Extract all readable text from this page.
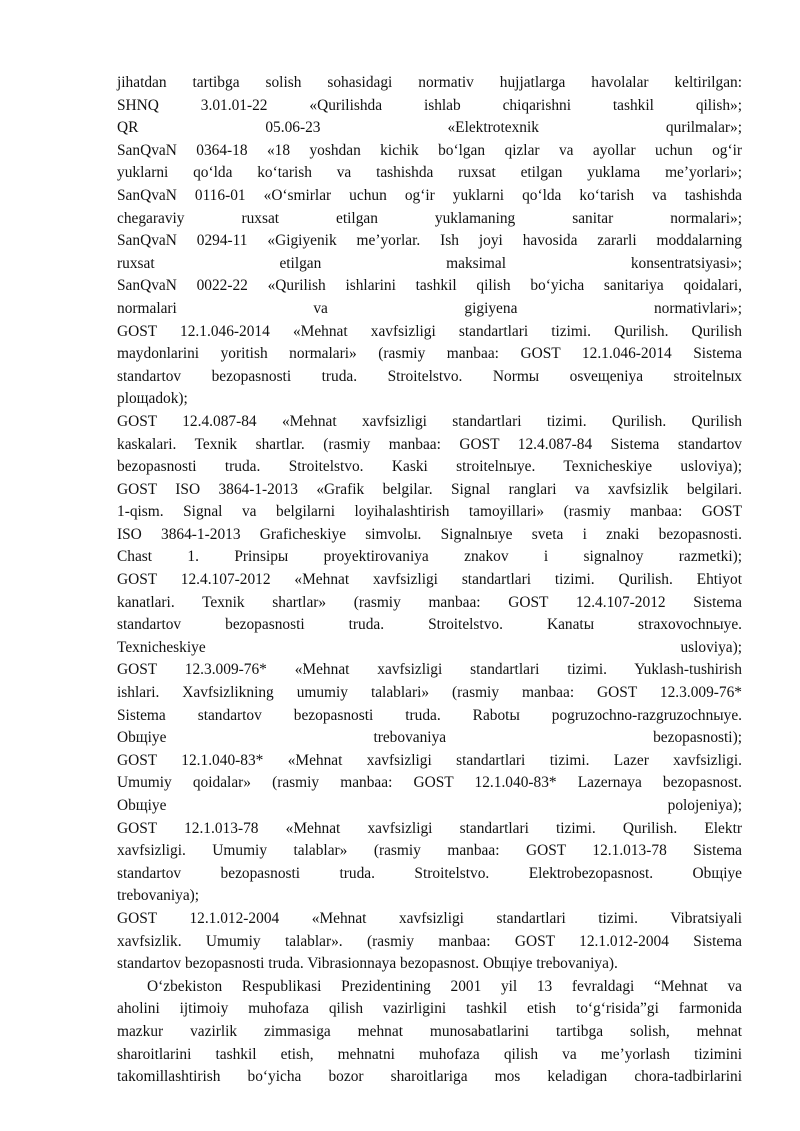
jihatdan tartibga solish sohasidagi normativ hujjatlarga havolalar keltirilgan:
SHNQ 3.01.01-22 «Qurilishda ishlab chiqarishni tashkil qilish»;
QR 05.06-23 «Elektrotexnik qurilmalar»;
SanQvaN 0364-18 «18 yoshdan kichik bo‘lgan qizlar va ayollar uchun og‘ir
yuklarni qo‘lda ko‘tarish va tashishda ruxsat etilgan yuklama me’yorlari»;
SanQvaN 0116-01 «O‘smirlar uchun og‘ir yuklarni qo‘lda ko‘tarish va tashishda
chegaraviy ruxsat etilgan yuklamaning sanitar normalari»;
SanQvaN 0294-11 «Gigiyenik me’yorlar. Ish joyi havosida zararli moddalarning
ruxsat etilgan maksimal konsentratsiyasi»;
SanQvaN 0022-22 «Qurilish ishlarini tashkil qilish bo‘yicha sanitariya qoidalari,
normalari va gigiyena normativlari»;
GOST 12.1.046-2014 «Mehnat xavfsizligi standartlari tizimi. Qurilish. Qurilish
maydonlarini yoritish normalari» (rasmiy manbaa: GOST 12.1.046-2014 Sistema
standartov bezopasnosti truda. Stroitelstvo. Normы osveщeniya stroitelnыx
ploщadok);
GOST 12.4.087-84 «Mehnat xavfsizligi standartlari tizimi. Qurilish. Qurilish
kaskalari. Texnik shartlar. (rasmiy manbaa: GOST 12.4.087-84 Sistema standartov
bezopasnosti truda. Stroitelstvo. Kaski stroitelnыye. Texnicheskiye usloviya);
GOST ISO 3864-1-2013 «Grafik belgilar. Signal ranglari va xavfsizlik belgilari.
1-qism. Signal va belgilarni loyihalashtirish tamoyillari» (rasmiy manbaa: GOST
ISO 3864-1-2013 Graficheskiye simvolы. Signalnыye sveta i znaki bezopasnosti.
Chast 1. Prinsipы proyektirovaniya znakov i signalnoy razmetki);
GOST 12.4.107-2012 «Mehnat xavfsizligi standartlari tizimi. Qurilish. Ehtiyot
kanatlari. Texnik shartlar» (rasmiy manbaa: GOST 12.4.107-2012 Sistema
standartov bezopasnosti truda. Stroitelstvo. Kanatы straxovochnыye.
Texnicheskiye usloviya);
GOST 12.3.009-76* «Mehnat xavfsizligi standartlari tizimi. Yuklash-tushirish
ishlari. Xavfsizlikning umumiy talablari» (rasmiy manbaa: GOST 12.3.009-76*
Sistema standartov bezopasnosti truda. Rabotы pogruzochno-razgruzochnыye.
Obщiye trebovaniya bezopasnosti);
GOST 12.1.040-83* «Mehnat xavfsizligi standartlari tizimi. Lazer xavfsizligi.
Umumiy qoidalar» (rasmiy manbaa: GOST 12.1.040-83* Lazernaya bezopasnost.
Obщiye polojeniya);
GOST 12.1.013-78 «Mehnat xavfsizligi standartlari tizimi. Qurilish. Elektr
xavfsizligi. Umumiy talablar» (rasmiy manbaa: GOST 12.1.013-78 Sistema
standartov bezopasnosti truda. Stroitelstvo. Elektrobezopasnost. Obщiye
trebovaniya);
GOST 12.1.012-2004 «Mehnat xavfsizligi standartlari tizimi. Vibratsiyali
xavfsizlik. Umumiy talablar». (rasmiy manbaa: GOST 12.1.012-2004 Sistema
standartov bezopasnosti truda. Vibrasionnaya bezopasnost. Obщiye trebovaniya).
O‘zbekiston Respublikasi Prezidentining 2001 yil 13 fevraldagi “Mehnat va
aholini ijtimoiy muhofaza qilish vazirligini tashkil etish to‘g‘risida”gi farmonida
mazkur vazirlik zimmasiga mehnat munosabatlarini tartibga solish, mehnat
sharoitlarini tashkil etish, mehnatni muhofaza qilish va me’yorlash tizimini
takomillashtirish bo‘yicha bozor sharoitlariga mos keladigan chora-tadbirlarini
